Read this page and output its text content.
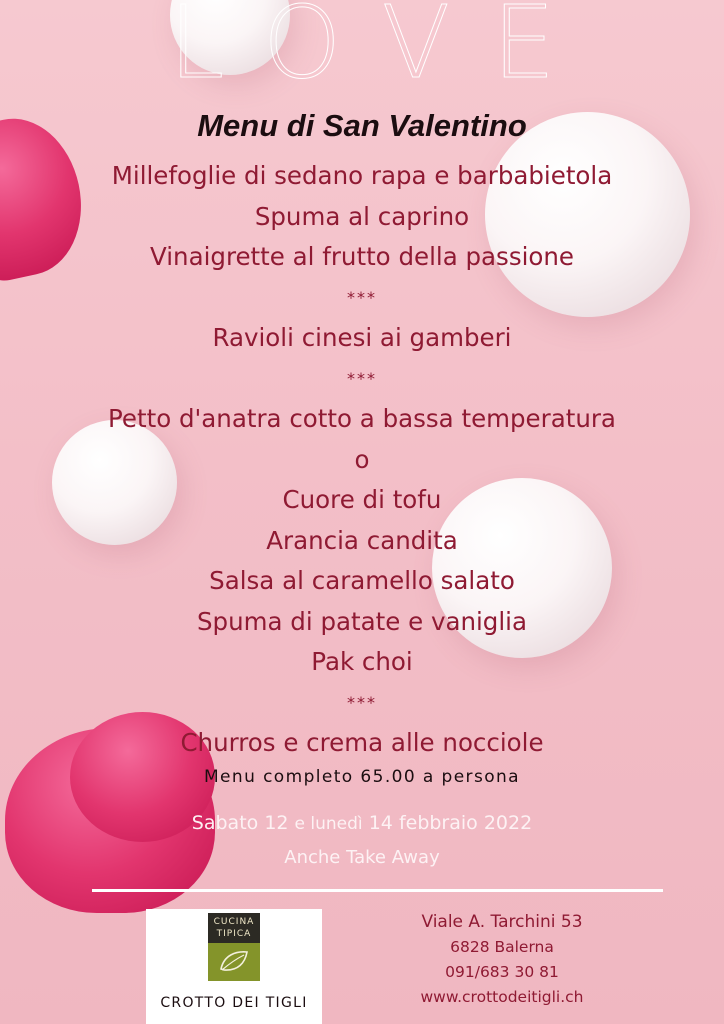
LOVE
Menu di San Valentino
Millefoglie di sedano rapa e barbabietola
Spuma al caprino
Vinaigrette al frutto della passione
***
Ravioli cinesi ai gamberi
***
Petto d'anatra cotto a bassa temperatura
o
Cuore di tofu
Arancia candita
Salsa al caramello salato
Spuma di patate e vaniglia
Pak choi
***
Churros e crema alle nocciole
Menu completo 65.00 a persona
Sabato 12 e lunedì 14 febbraio 2022
Anche Take Away
CUCINA
TIPICA
CROTTO DEI TIGLI
Viale A. Tarchini 53
6828 Balerna
091/683 30 81
www.crottodeitigli.ch
